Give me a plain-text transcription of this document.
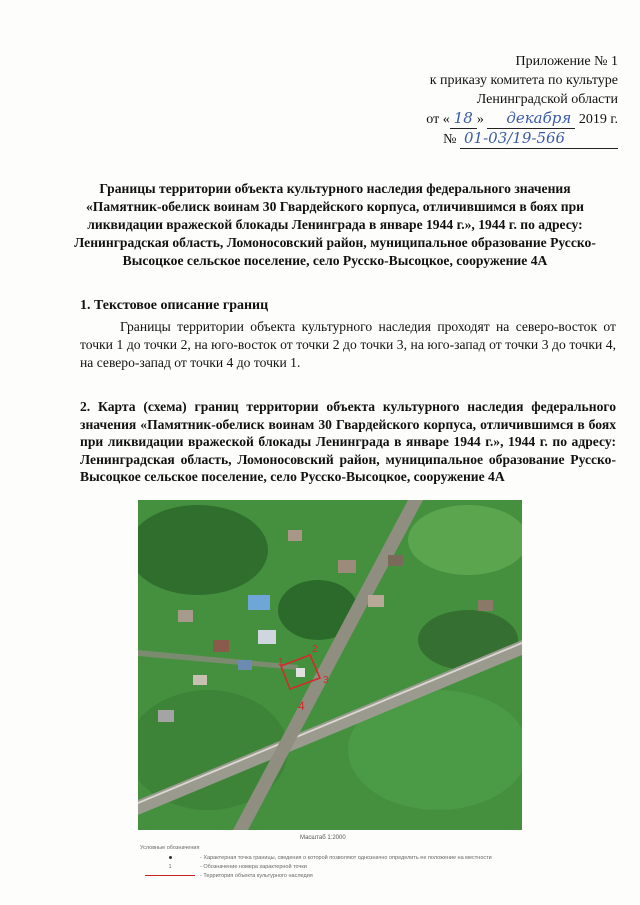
Приложение № 1
к приказу комитета по культуре
Ленинградской области
от « 18 » декабря 2019 г.
№ 01-03/19-566
Границы территории объекта культурного наследия федерального значения «Памятник-обелиск воинам 30 Гвардейского корпуса, отличившимся в боях при ликвидации вражеской блокады Ленинграда в январе 1944 г.», 1944 г. по адресу: Ленинградская область, Ломоносовский район, муниципальное образование Русско-Высоцкое сельское поселение, село Русско-Высоцкое, сооружение 4А
1. Текстовое описание границ
Границы территории объекта культурного наследия проходят на северо-восток от точки 1 до точки 2, на юго-восток от точки 2 до точки 3, на юго-запад от точки 3 до точки 4, на северо-запад от точки 4 до точки 1.
2. Карта (схема) границ территории объекта культурного наследия федерального значения «Памятник-обелиск воинам 30 Гвардейского корпуса, отличившимся в боях при ликвидации вражеской блокады Ленинграда в январе 1944 г.», 1944 г. по адресу: Ленинградская область, Ломоносовский район, муниципальное образование Русско-Высоцкое сельское поселение, село Русско-Высоцкое, сооружение 4А
1
2
3
4
Масштаб 1:2000
Условные обозначения
- Характерная точка границы, сведения о которой позволяют однозначно определить ее положение на местности
1	- Обозначение номера характерной точки
- Территория объекта культурного наследия
